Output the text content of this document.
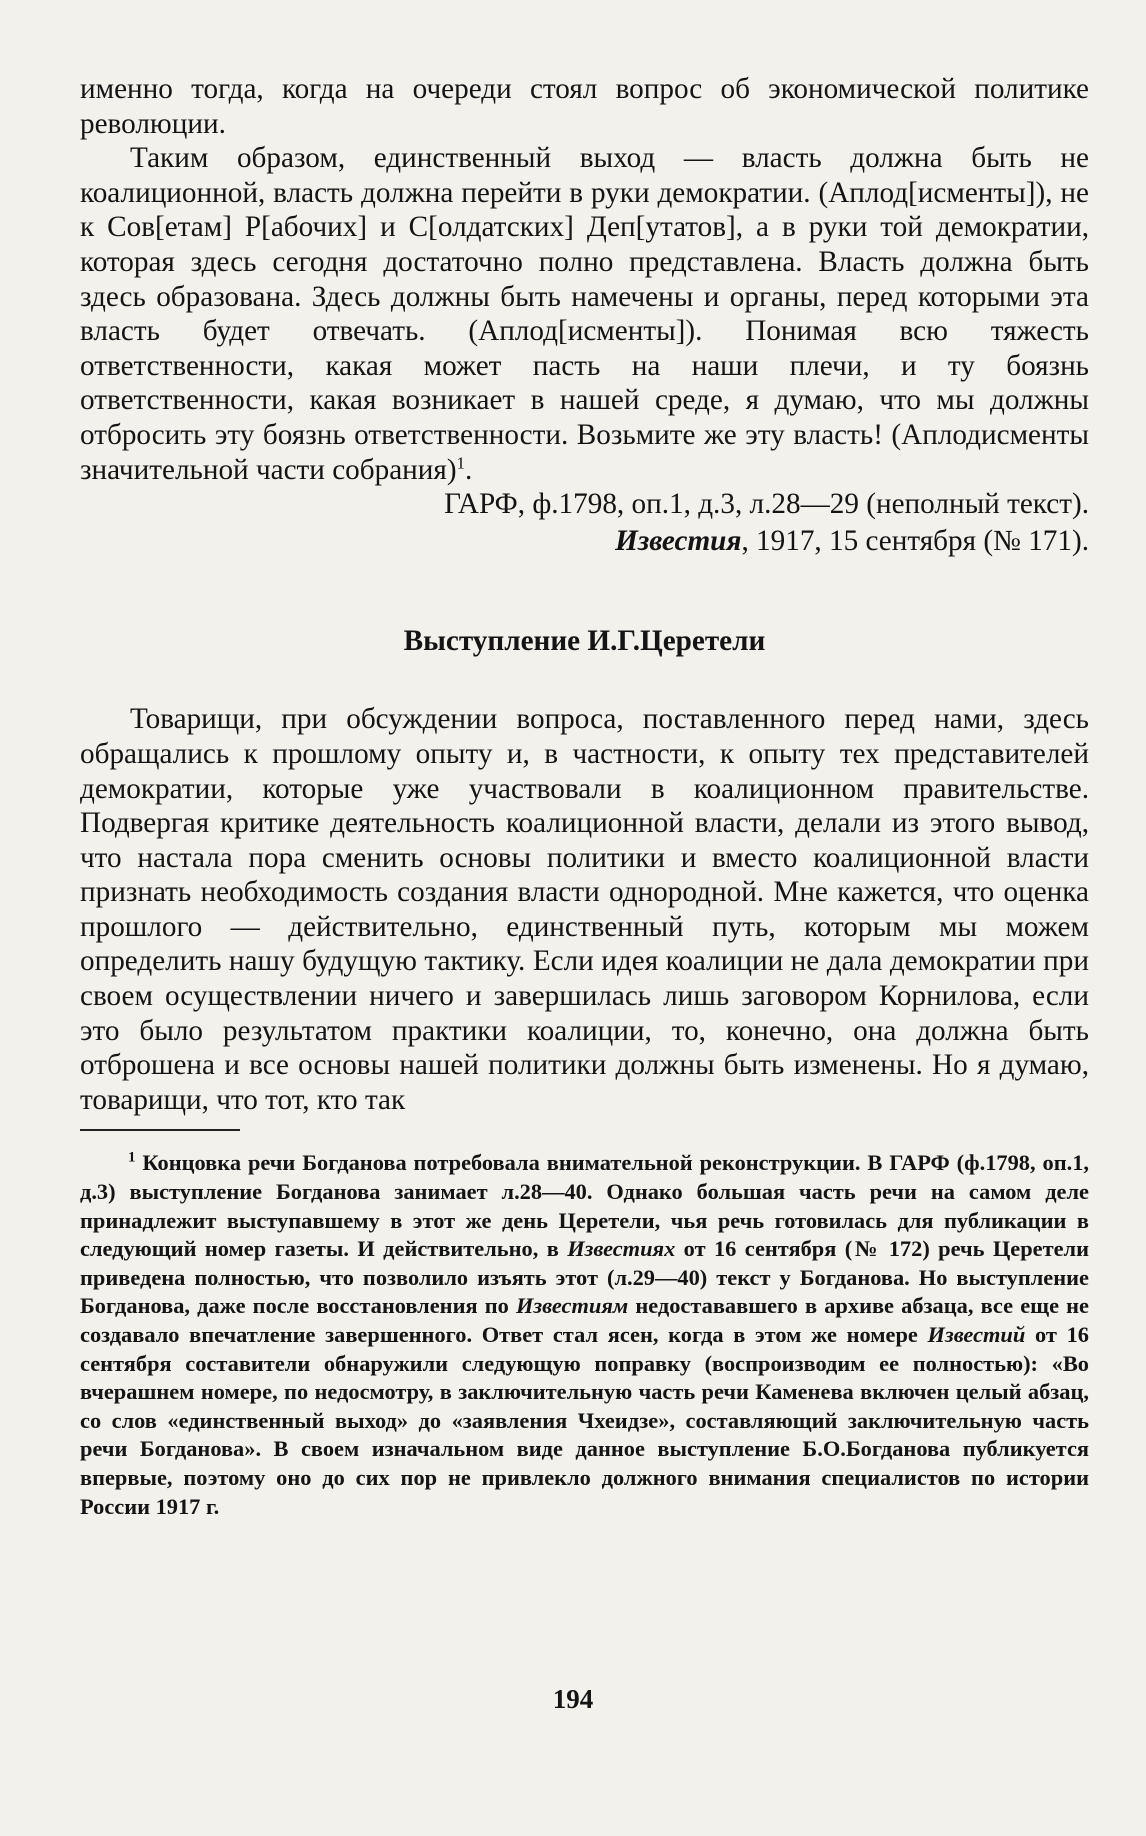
именно тогда, когда на очереди стоял вопрос об экономической политике революции.

Таким образом, единственный выход — власть должна быть не коалиционной, власть должна перейти в руки демократии. (Аплод[исменты]), не к Сов[етам] Р[абочих] и С[олдатских] Деп[утатов], а в руки той демократии, которая здесь сегодня достаточно полно представлена. Власть должна быть здесь образована. Здесь должны быть намечены и органы, перед которыми эта власть будет отвечать. (Аплод[исменты]). Понимая всю тяжесть ответственности, какая может пасть на наши плечи, и ту боязнь ответственности, какая возникает в нашей среде, я думаю, что мы должны отбросить эту боязнь ответственности. Возьмите же эту власть! (Аплодисменты значительной части собрания)$^1$.

ГАРФ, ф.1798, оп.1, д.3, л.28—29 (неполный текст).

Известия, 1917, 15 сентября (№ 171).

Выступление И.Г.Церетели

Товарищи, при обсуждении вопроса, поставленного перед нами, здесь обращались к прошлому опыту и, в частности, к опыту тех представителей демократии, которые уже участвовали в коалиционном правительстве. Подвергая критике деятельность коалиционной власти, делали из этого вывод, что настала пора сменить основы политики и вместо коалиционной власти признать необходимость создания власти однородной. Мне кажется, что оценка прошлого — действительно, единственный путь, которым мы можем определить нашу будущую тактику. Если идея коалиции не дала демократии при своем осуществлении ничего и завершилась лишь заговором Корнилова, если это было результатом практики коалиции, то, конечно, она должна быть отброшена и все основы нашей политики должны быть изменены. Но я думаю, товарищи, что тот, кто так

$^1$ Концовка речи Богданова потребовала внимательной реконструкции. В ГАРФ (ф.1798, оп.1, д.3) выступление Богданова занимает л.28—40. Однако большая часть речи на самом деле принадлежит выступавшему в этот же день Церетели, чья речь готовилась для публикации в следующий номер газеты. И действительно, в Известиях от 16 сентября (№ 172) речь Церетели приведена полностью, что позволило изъять этот (л.29—40) текст у Богданова. Но выступление Богданова, даже после восстановления по Известиям недостававшего в архиве абзаца, все еще не создавало впечатление завершенного. Ответ стал ясен, когда в этом же номере Известий от 16 сентября составители обнаружили следующую поправку (воспроизводим ее полностью): «Во вчерашнем номере, по недосмотру, в заключительную часть речи Каменева включен целый абзац, со слов «единственный выход» до «заявления Чхеидзе», составляющий заключительную часть речи Богданова». В своем изначальном виде данное выступление Б.О.Богданова публикуется впервые, поэтому оно до сих пор не привлекло должного внимания специалистов по истории России 1917 г.

194
